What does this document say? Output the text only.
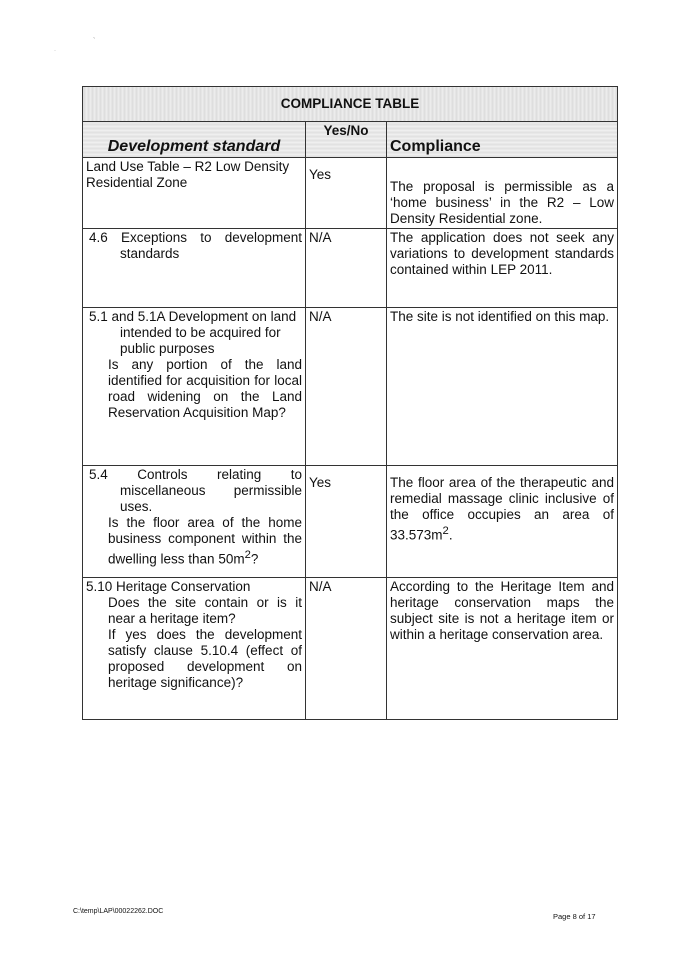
ˋ
·
COMPLIANCE TABLE		
Development standard	Yes/No	Compliance

Land Use Table – R2 Low Density Residential Zone	Yes	The proposal is permissible as a ‘home business’ in the R2 – Low Density Residential zone.

4.6 Exceptions to development standards	N/A	The application does not seek any variations to development standards contained within LEP 2011.

5.1 and 5.1A Development on land intended to be acquired for public purposes

Is any portion of the land identified for acquisition for local road widening on the Land Reservation Acquisition Map?	N/A	The site is not identified on this map.

5.4 Controls relating to miscellaneous permissible uses.

Is the floor area of the home business component within the dwelling less than $50m^2$?	Yes	The floor area of the therapeutic and remedial massage clinic inclusive of the office occupies an area of $33.573m^2$.

5.10 Heritage Conservation

Does the site contain or is it near a heritage item?

If yes does the development satisfy clause 5.10.4 (effect of proposed development on heritage significance)?	N/A	According to the Heritage Item and heritage conservation maps the subject site is not a heritage item or within a heritage conservation area.

C:\temp\LAP\00022262.DOC
Page 8 of 17
